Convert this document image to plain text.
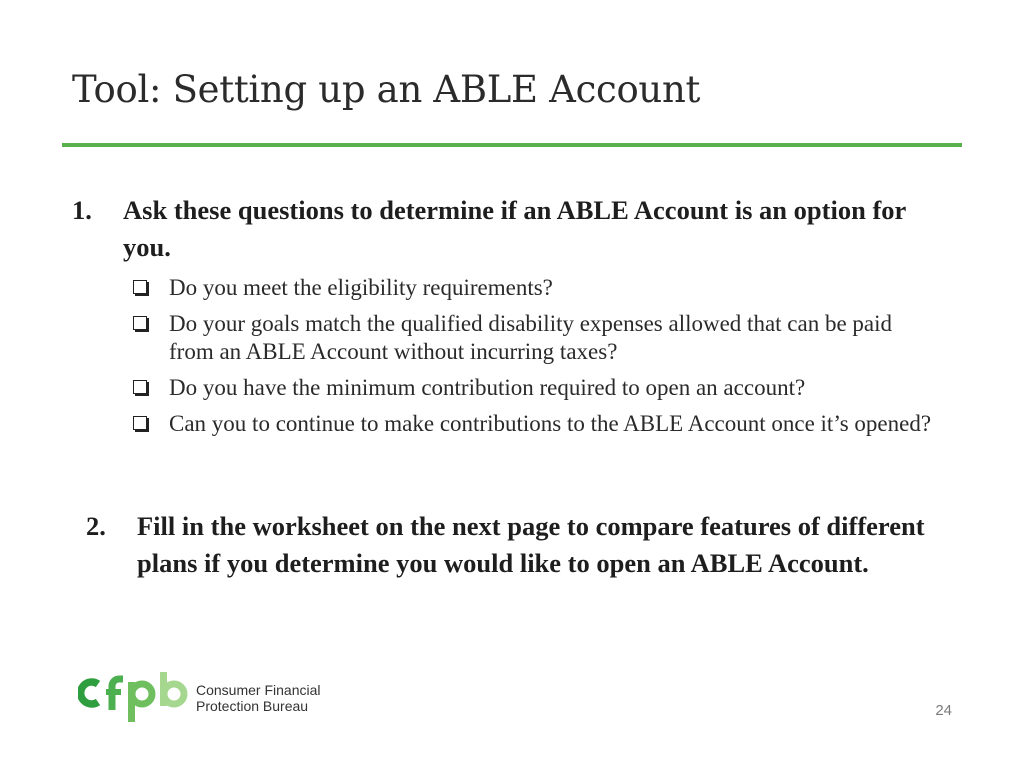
Tool: Setting up an ABLE Account
1. Ask these questions to determine if an ABLE Account is an option for you.
Do you meet the eligibility requirements?
Do your goals match the qualified disability expenses allowed that can be paid from an ABLE Account without incurring taxes?
Do you have the minimum contribution required to open an account?
Can you to continue to make contributions to the ABLE Account once it’s opened?
2. Fill in the worksheet on the next page to compare features of different plans if you determine you would like to open an ABLE Account.
Consumer Financial
Protection Bureau	24
